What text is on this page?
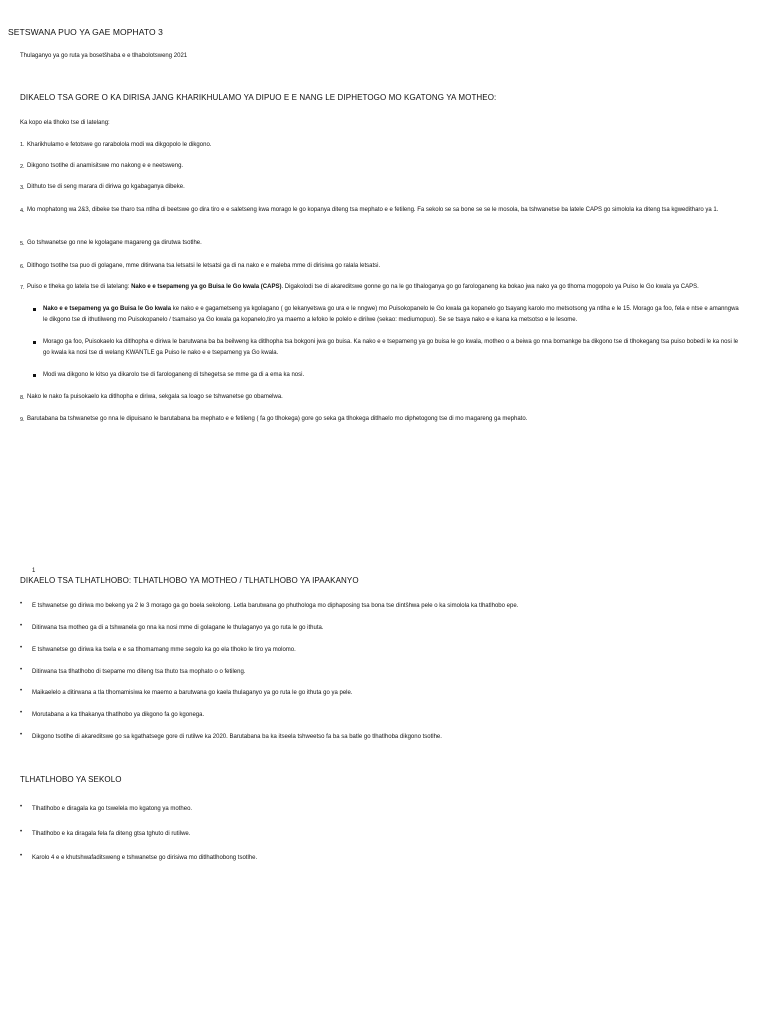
SETSWANA PUO YA GAE MOPHATO 3
Thulaganyo ya go ruta ya bosetšhaba e e tlhabolotsweng 2021
DIKAELO TSA GORE O KA DIRISA JANG KHARIKHULAMO YA DIPUO E E NANG LE DIPHETOGO MO KGATONG YA MOTHEO:
Ka kopo ela tlhoko tse di latelang:
1. Kharikhulamo e fetotswe go rarabolola modi wa dikgopolo le dikgono.
2. Dikgono tsotlhe di anamisitswe mo nakong e e neetsweng.
3. Dithuto tse di seng marara di diriwa go kgabaganya dibeke.
4. Mo mophatong wa 2&3, dibeke tse tharo tsa ntlha di beetswe go dira tiro e e saletseng kwa morago le go kopanya diteng tsa mephato e e fetileng. Fa sekolo se sa bone se se le mosola, ba tshwanetse ba latele CAPS go simolola ka diteng tsa kgweditharo ya 1.
5. Go tshwanetse go nne le kgolagane magareng ga dirutwa tsotlhe.
6. Ditlhogo tsotlhe tsa puo di golagane, mme ditirwana tsa letsatsi le letsatsi ga di na nako e e maleba mme di dirisiwa go ralala letsatsi.
7. Puiso e tlheka go latela tse di latelang: Nako e e tsepameng ya go Buisa le Go kwala (CAPS). Digakolodi tse di akareditswe gonne go na le go tlhaloganya go go farologaneng ka bokao jwa nako ya go tlhoma mogopolo ya Puiso le Go kwala ya CAPS.
Nako e e tsepameng ya go Buisa le Go kwala ke nako e e gagametseng ya kgolagano ( go lekanyetswa go ura e le nngwe) mo Puisokopanelo le Go kwala ga kopanelo go tsayang karolo mo metsotsong ya ntlha e le 15. Morago ga foo, fela e ntse e amanngwa le dikgono tse di ithutilweng mo Puisokopanelo / tsamaiso ya Go kwala ga kopanelo,tiro ya maemo a lefoko le polelo e dirilwe (sekao: mediumopuo). Se se tsaya nako e e kana ka metsotso e le lesome.
Morago ga foo, Puisokaelo ka ditlhopha e diriwa le barutwana ba ba beilweng ka ditlhopha tsa bokgoni jwa go buisa. Ka nako e e tsepameng ya go buisa le go kwala, motheo o a beiwa go nna bomankge ba dikgono tse di tlhokegang tsa puiso bobedi le ka nosi le go kwala ka nosi tse di welang KWANTLE ga Puiso le nako e e tsepameng ya Go kwala.
Modi wa dikgono le kitso ya dikarolo tse di farologaneng di tshegetsa se mme ga di a ema ka nosi.
8. Nako le nako fa puisokaelo ka ditlhopha e diriwa, sekgala sa loago se tshwanetse go obamelwa.
9. Barutabana ba tshwanetse go nna le dipuisano le barutabana ba mephato e e fetileng ( fa go tlhokega) gore go seka ga tlhokega ditlhaelo mo diphetogong tse di mo magareng ga mephato.
1
DIKAELO TSA TLHATLHOBO: TLHATLHOBO YA MOTHEO / TLHATLHOBO YA IPAAKANYO
• E tshwanetse go diriwa mo bekeng ya 2 le 3 morago ga go boela sekolong. Letla barutwana go phuthologa mo diphaposing tsa bona tse dintšhwa pele o ka simolola ka tlhatlhobo epe.
• Ditirwana tsa motheo ga di a tshwanela go nna ka nosi mme di golagane le thulaganyo ya go ruta le go ithuta.
• E tshwanetse go diriwa ka tsela e e sa tlhomamang mme segolo ka go ela tlhoko le tiro ya molomo.
• Ditirwana tsa tlhatlhobo di tsepame mo diteng tsa thuto tsa mophato o o fetileng.
• Maikaelelo a ditirwana a tla tlhomamisiwa ke maemo a barutwana go kaela thulaganyo ya go ruta le go ithuta go ya pele.
• Morutabana a ka tlhakanya tlhatlhobo ya dikgono fa go kgonega.
• Dikgono tsotlhe di akareditswe go sa kgathatsege gore di rutilwe ka 2020. Barutabana ba ka itseela tshweetso fa ba sa batle go tlhatlhoba dikgono tsotlhe.
TLHATLHOBO YA SEKOLO
• Tlhatlhobo e diragala ka go tswelela mo kgatong ya motheo.
• Tlhatlhobo e ka diragala fela fa diteng gtsa tghuto di rutilwe.
• Karolo 4 e e khutshwafaditsweng e tshwanetse go dirisiwa mo ditlhatlhobong tsotlhe.
